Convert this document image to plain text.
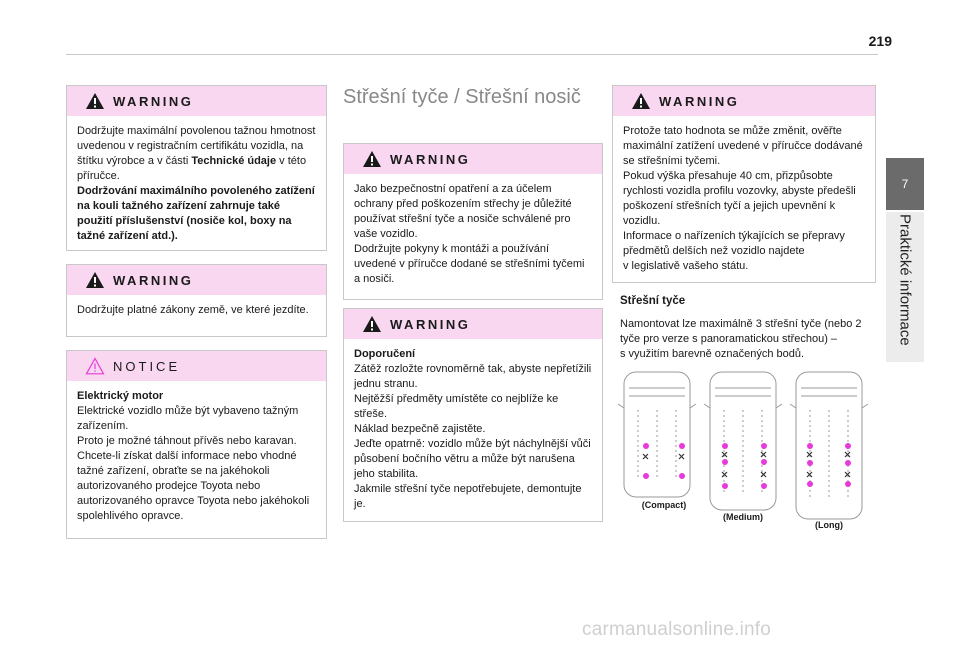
219
7
Praktické informace
WARNING

Dodržujte maximální povolenou tažnou hmotnost uvedenou v registračním certifikátu vozidla, na štítku výrobce a v části Technické údaje v této příručce.

Dodržování maximálního povoleného zatížení na kouli tažného zařízení zahrnuje také použití příslušenství (nosiče kol, boxy na tažné zařízení atd.).

WARNING

Dodržujte platné zákony země, ve které jezdíte.

NOTICE

Elektrický motor

Elektrické vozidlo může být vybaveno tažným zařízením.
Proto je možné táhnout přívěs nebo karavan.
Chcete-li získat další informace nebo vhodné tažné zařízení, obraťte se na jakéhokoli autorizovaného prodejce Toyota nebo autorizovaného opravce Toyota nebo jakéhokoli spolehlivého opravce.

Střešní tyče / Střešní nosič
WARNING

Jako bezpečnostní opatření a za účelem ochrany před poškozením střechy je důležité používat střešní tyče a nosiče schválené pro vaše vozidlo.
Dodržujte pokyny k montáži a používání uvedené v příručce dodané se střešními tyčemi a nosiči.

WARNING

Doporučení

Zátěž rozložte rovnoměrně tak, abyste nepřetížili jednu stranu.
Nejtěžší předměty umístěte co nejblíže ke střeše.
Náklad bezpečně zajistěte.
Jeďte opatrně: vozidlo může být náchylnější vůči působení bočního větru a může být narušena jeho stabilita.
Jakmile střešní tyče nepotřebujete, demontujte je.

WARNING

Protože tato hodnota se může změnit, ověřte maximální zatížení uvedené v příručce dodávané se střešními tyčemi.
Pokud výška přesahuje 40 cm, přizpůsobte rychlosti vozidla profilu vozovky, abyste předešli poškození střešních tyčí a jejich upevnění k vozidlu.
Informace o nařízeních týkajících se přepravy předmětů delších než vozidlo najdete
v legislativě vašeho státu.

Střešní tyče

Namontovat lze maximálně 3 střešní tyče (nebo 2 tyče pro verze s panoramatickou střechou) –
s využitím barevně označených bodů.

(Compact)
(Medium)
(Long)
carmanualsonline.info
